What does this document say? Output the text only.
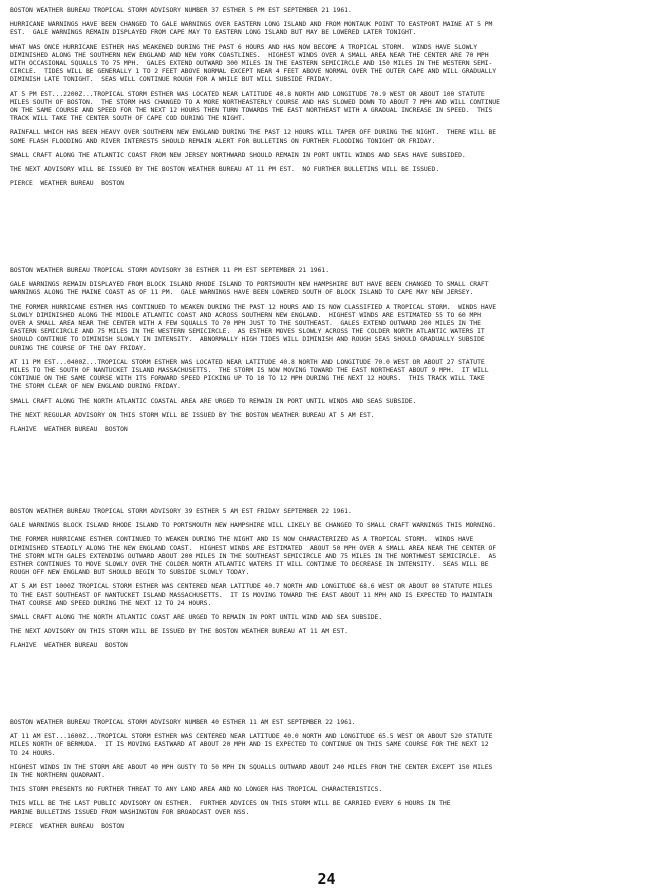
BOSTON WEATHER BUREAU TROPICAL STORM ADVISORY NUMBER 37 ESTHER 5 PM EST SEPTEMBER 21 1961.

HURRICANE WARNINGS HAVE BEEN CHANGED TO GALE WARNINGS OVER EASTERN LONG ISLAND AND FROM MONTAUK POINT TO EASTPORT MAINE AT 5 PM
EST.  GALE WARNINGS REMAIN DISPLAYED FROM CAPE MAY TO EASTERN LONG ISLAND BUT MAY BE LOWERED LATER TONIGHT.

WHAT WAS ONCE HURRICANE ESTHER HAS WEAKENED DURING THE PAST 6 HOURS AND HAS NOW BECOME A TROPICAL STORM.  WINDS HAVE SLOWLY
DIMINISHED ALONG THE SOUTHERN NEW ENGLAND AND NEW YORK COASTLINES.  HIGHEST WINDS OVER A SMALL AREA NEAR THE CENTER ARE 70 MPH
WITH OCCASIONAL SQUALLS TO 75 MPH.  GALES EXTEND OUTWARD 300 MILES IN THE EASTERN SEMICIRCLE AND 150 MILES IN THE WESTERN SEMI-
CIRCLE.  TIDES WILL BE GENERALLY 1 TO 2 FEET ABOVE NORMAL EXCEPT NEAR 4 FEET ABOVE NORMAL OVER THE OUTER CAPE AND WILL GRADUALLY
DIMINISH LATE TONIGHT.  SEAS WILL CONTINUE ROUGH FOR A WHILE BUT WILL SUBSIDE FRIDAY.

AT 5 PM EST...2200Z...TROPICAL STORM ESTHER WAS LOCATED NEAR LATITUDE 40.8 NORTH AND LONGITUDE 70.9 WEST OR ABOUT 100 STATUTE
MILES SOUTH OF BOSTON.  THE STORM HAS CHANGED TO A MORE NORTHEASTERLY COURSE AND HAS SLOWED DOWN TO ABOUT 7 MPH AND WILL CONTINUE
ON THE SAME COURSE AND SPEED FOR THE NEXT 12 HOURS THEN TURN TOWARDS THE EAST NORTHEAST WITH A GRADUAL INCREASE IN SPEED.  THIS
TRACK WILL TAKE THE CENTER SOUTH OF CAPE COD DURING THE NIGHT.

RAINFALL WHICH HAS BEEN HEAVY OVER SOUTHERN NEW ENGLAND DURING THE PAST 12 HOURS WILL TAPER OFF DURING THE NIGHT.  THERE WILL BE
SOME FLASH FLOODING AND RIVER INTERESTS SHOULD REMAIN ALERT FOR BULLETINS ON FURTHER FLOODING TONIGHT OR FRIDAY.

SMALL CRAFT ALONG THE ATLANTIC COAST FROM NEW JERSEY NORTHWARD SHOULD REMAIN IN PORT UNTIL WINDS AND SEAS HAVE SUBSIDED.

THE NEXT ADVISORY WILL BE ISSUED BY THE BOSTON WEATHER BUREAU AT 11 PM EST.  NO FURTHER BULLETINS WILL BE ISSUED.

PIERCE  WEATHER BUREAU  BOSTON

BOSTON WEATHER BUREAU TROPICAL STORM ADVISORY 38 ESTHER 11 PM EST SEPTEMBER 21 1961.

GALE WARNINGS REMAIN DISPLAYED FROM BLOCK ISLAND RHODE ISLAND TO PORTSMOUTH NEW HAMPSHIRE BUT HAVE BEEN CHANGED TO SMALL CRAFT
WARNINGS ALONG THE MAINE COAST AS OF 11 PM.  GALE WARNINGS HAVE BEEN LOWERED SOUTH OF BLOCK ISLAND TO CAPE MAY NEW JERSEY.

THE FORMER HURRICANE ESTHER HAS CONTINUED TO WEAKEN DURING THE PAST 12 HOURS AND IS NOW CLASSIFIED A TROPICAL STORM.  WINDS HAVE
SLOWLY DIMINISHED ALONG THE MIDDLE ATLANTIC COAST AND ACROSS SOUTHERN NEW ENGLAND.  HIGHEST WINDS ARE ESTIMATED 55 TO 60 MPH
OVER A SMALL AREA NEAR THE CENTER WITH A FEW SQUALLS TO 70 MPH JUST TO THE SOUTHEAST.  GALES EXTEND OUTWARD 200 MILES IN THE
EASTERN SEMICIRCLE AND 75 MILES IN THE WESTERN SEMICIRCLE.  AS ESTHER MOVES SLOWLY ACROSS THE COLDER NORTH ATLANTIC WATERS IT
SHOULD CONTINUE TO DIMINISH SLOWLY IN INTENSITY.  ABNORMALLY HIGH TIDES WILL DIMINISH AND ROUGH SEAS SHOULD GRADUALLY SUBSIDE
DURING THE COURSE OF THE DAY FRIDAY.

AT 11 PM EST...0400Z...TROPICAL STORM ESTHER WAS LOCATED NEAR LATITUDE 40.8 NORTH AND LONGITUDE 70.0 WEST OR ABOUT 27 STATUTE
MILES TO THE SOUTH OF NANTUCKET ISLAND MASSACHUSETTS.  THE STORM IS NOW MOVING TOWARD THE EAST NORTHEAST ABOUT 9 MPH.  IT WILL
CONTINUE ON THE SAME COURSE WITH ITS FORWARD SPEED PICKING UP TO 10 TO 12 MPH DURING THE NEXT 12 HOURS.  THIS TRACK WILL TAKE
THE STORM CLEAR OF NEW ENGLAND DURING FRIDAY.

SMALL CRAFT ALONG THE NORTH ATLANTIC COASTAL AREA ARE URGED TO REMAIN IN PORT UNTIL WINDS AND SEAS SUBSIDE.

THE NEXT REGULAR ADVISORY ON THIS STORM WILL BE ISSUED BY THE BOSTON WEATHER BUREAU AT 5 AM EST.

FLAHIVE  WEATHER BUREAU  BOSTON

BOSTON WEATHER BUREAU TROPICAL STORM ADVISORY 39 ESTHER 5 AM EST FRIDAY SEPTEMBER 22 1961.

GALE WARNINGS BLOCK ISLAND RHODE ISLAND TO PORTSMOUTH NEW HAMPSHIRE WILL LIKELY BE CHANGED TO SMALL CRAFT WARNINGS THIS MORNING.

THE FORMER HURRICANE ESTHER CONTINUED TO WEAKEN DURING THE NIGHT AND IS NOW CHARACTERIZED AS A TROPICAL STORM.  WINDS HAVE
DIMINISHED STEADILY ALONG THE NEW ENGLAND COAST.  HIGHEST WINDS ARE ESTIMATED  ABOUT 50 MPH OVER A SMALL AREA NEAR THE CENTER OF
THE STORM WITH GALES EXTENDING OUTWARD ABOUT 200 MILES IN THE SOUTHEAST SEMICIRCLE AND 75 MILES IN THE NORTHWEST SEMICIRCLE.  AS
ESTHER CONTINUES TO MOVE SLOWLY OVER THE COLDER NORTH ATLANTIC WATERS IT WILL CONTINUE TO DECREASE IN INTENSITY.  SEAS WILL BE
ROUGH OFF NEW ENGLAND BUT SHOULD BEGIN TO SUBSIDE SLOWLY TODAY.

AT 5 AM EST 1000Z TROPICAL STORM ESTHER WAS CENTERED NEAR LATITUDE 40.7 NORTH AND LONGITUDE 68.6 WEST OR ABOUT 80 STATUTE MILES
TO THE EAST SOUTHEAST OF NANTUCKET ISLAND MASSACHUSETTS.  IT IS MOVING TOWARD THE EAST ABOUT 11 MPH AND IS EXPECTED TO MAINTAIN
THAT COURSE AND SPEED DURING THE NEXT 12 TO 24 HOURS.

SMALL CRAFT ALONG THE NORTH ATLANTIC COAST ARE URGED TO REMAIN IN PORT UNTIL WIND AND SEA SUBSIDE.

THE NEXT ADVISORY ON THIS STORM WILL BE ISSUED BY THE BOSTON WEATHER BUREAU AT 11 AM EST.

FLAHIVE  WEATHER BUREAU  BOSTON

BOSTON WEATHER BUREAU TROPICAL STORM ADVISORY NUMBER 40 ESTHER 11 AM EST SEPTEMBER 22 1961.

AT 11 AM EST...1600Z...TROPICAL STORM ESTHER WAS CENTERED NEAR LATITUDE 40.0 NORTH AND LONGITUDE 65.5 WEST OR ABOUT 520 STATUTE
MILES NORTH OF BERMUDA.  IT IS MOVING EASTWARD AT ABOUT 20 MPH AND IS EXPECTED TO CONTINUE ON THIS SAME COURSE FOR THE NEXT 12
TO 24 HOURS.

HIGHEST WINDS IN THE STORM ARE ABOUT 40 MPH GUSTY TO 50 MPH IN SQUALLS OUTWARD ABOUT 240 MILES FROM THE CENTER EXCEPT 150 MILES
IN THE NORTHERN QUADRANT.

THIS STORM PRESENTS NO FURTHER THREAT TO ANY LAND AREA AND NO LONGER HAS TROPICAL CHARACTERISTICS.

THIS WILL BE THE LAST PUBLIC ADVISORY ON ESTHER.  FURTHER ADVICES ON THIS STORM WILL BE CARRIED EVERY 6 HOURS IN THE
MARINE BULLETINS ISSUED FROM WASHINGTON FOR BROADCAST OVER NSS.

PIERCE  WEATHER BUREAU  BOSTON

24
